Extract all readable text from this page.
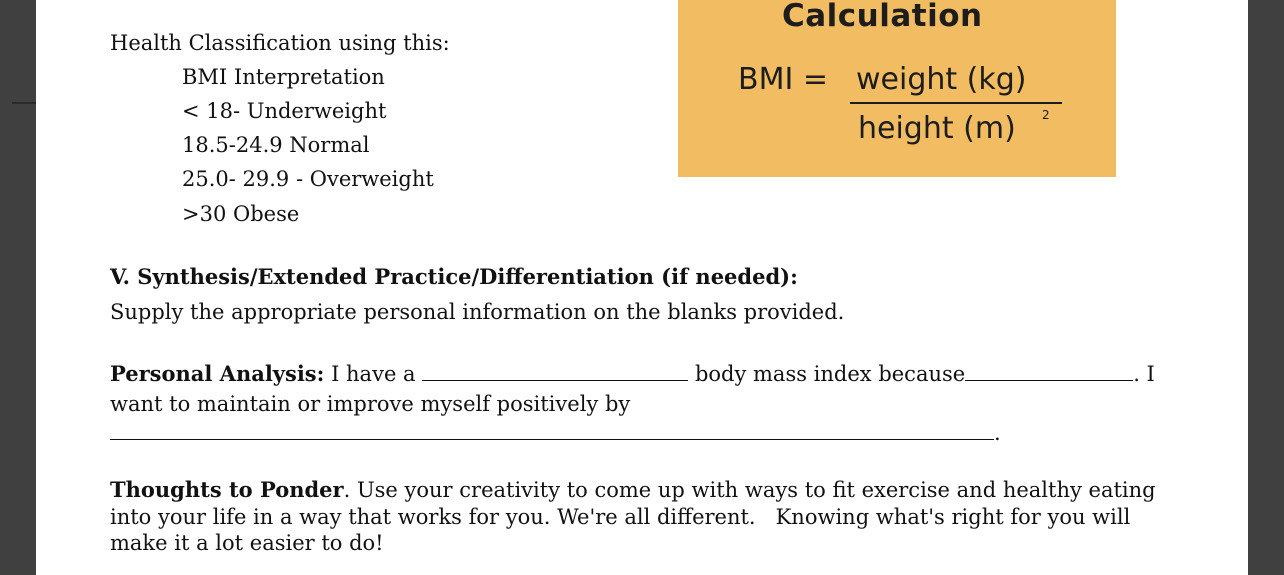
Health Classification using this:
BMI Interpretation
< 18- Underweight
18.5-24.9 Normal
25.0- 29.9 - Overweight
>30 Obese
Calculation
BMI = weight (kg)
height (m) 2
V. Synthesis/Extended Practice/Differentiation (if needed):
Supply the appropriate personal information on the blanks provided.
Personal Analysis: I have a	body mass index because	. I
want to maintain or improve myself positively by
.
Thoughts to Ponder. Use your creativity to come up with ways to fit exercise and healthy eating
into your life in a way that works for you. We're all different.   Knowing what's right for you will
make it a lot easier to do!
